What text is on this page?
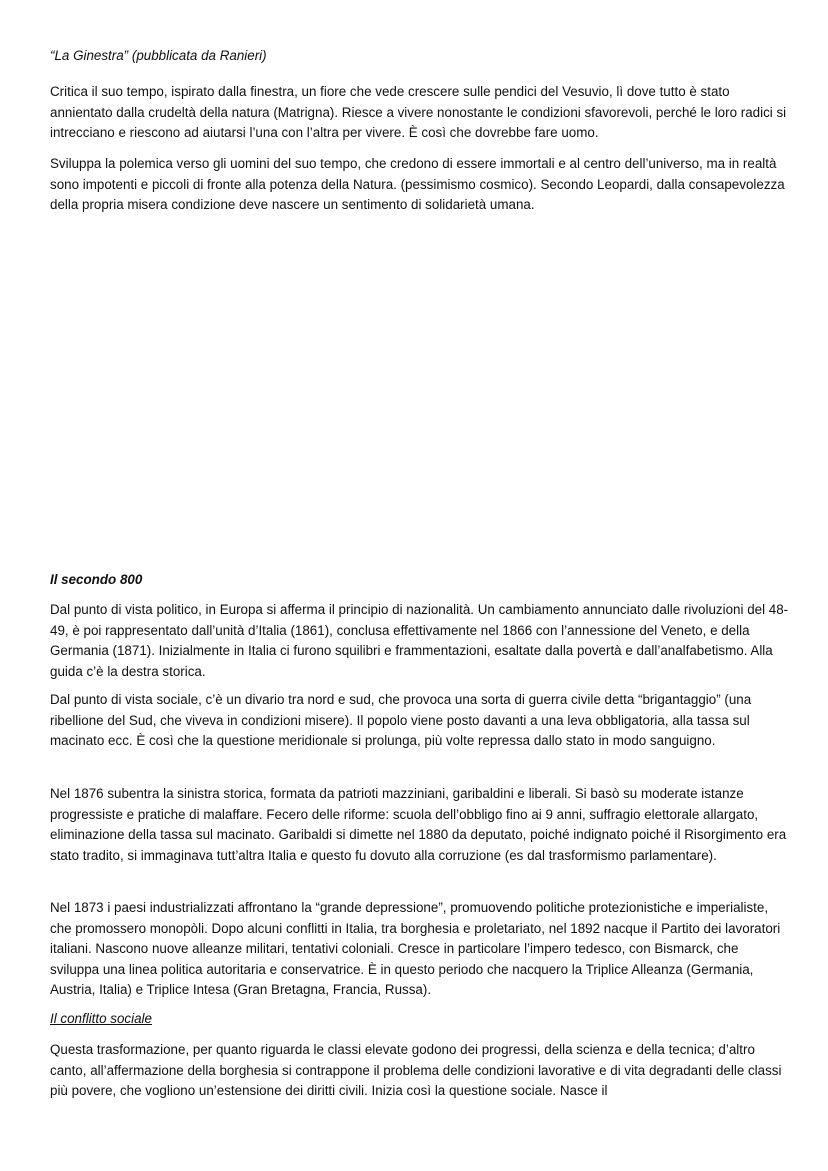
“La Ginestra” (pubblicata da Ranieri)

Critica il suo tempo, ispirato dalla finestra, un fiore che vede crescere sulle pendici del Vesuvio, lì dove tutto è stato annientato dalla crudeltà della natura (Matrigna). Riesce a vivere nonostante le condizioni sfavorevoli, perché le loro radici si intrecciano e riescono ad aiutarsi l’una con l’altra per vivere. È così che dovrebbe fare uomo.

Sviluppa la polemica verso gli uomini del suo tempo, che credono di essere immortali e al centro dell’universo, ma in realtà sono impotenti e piccoli di fronte alla potenza della Natura. (pessimismo cosmico). Secondo Leopardi, dalla consapevolezza della propria misera condizione deve nascere un sentimento di solidarietà umana.

Il secondo 800

Dal punto di vista politico, in Europa si afferma il principio di nazionalità. Un cambiamento annunciato dalle rivoluzioni del 48-49, è poi rappresentato dall’unità d’Italia (1861), conclusa effettivamente nel 1866 con l’annessione del Veneto, e della Germania (1871). Inizialmente in Italia ci furono squilibri e frammentazioni, esaltate dalla povertà e dall’analfabetismo. Alla guida c’è la destra storica.

Dal punto di vista sociale, c’è un divario tra nord e sud, che provoca una sorta di guerra civile detta “brigantaggio” (una ribellione del Sud, che viveva in condizioni misere). Il popolo viene posto davanti a una leva obbligatoria, alla tassa sul macinato ecc. È così che la questione meridionale si prolunga, più volte repressa dallo stato in modo sanguigno.

Nel 1876 subentra la sinistra storica, formata da patrioti mazziniani, garibaldini e liberali. Si basò su moderate istanze progressiste e pratiche di malaffare. Fecero delle riforme: scuola dell’obbligo fino ai 9 anni, suffragio elettorale allargato, eliminazione della tassa sul macinato. Garibaldi si dimette nel 1880 da deputato, poiché indignato poiché il Risorgimento era stato tradito, si immaginava tutt’altra Italia e questo fu dovuto alla corruzione (es dal trasformismo parlamentare).

Nel 1873 i paesi industrializzati affrontano la “grande depressione”, promuovendo politiche protezionistiche e imperialiste, che promossero monopòli. Dopo alcuni conflitti in Italia, tra borghesia e proletariato, nel 1892 nacque il Partito dei lavoratori italiani. Nascono nuove alleanze militari, tentativi coloniali. Cresce in particolare l’impero tedesco, con Bismarck, che sviluppa una linea politica autoritaria e conservatrice. È in questo periodo che nacquero la Triplice Alleanza (Germania, Austria, Italia) e Triplice Intesa (Gran Bretagna, Francia, Russa).

Il conflitto sociale

Questa trasformazione, per quanto riguarda le classi elevate godono dei progressi, della scienza e della tecnica; d’altro canto, all’affermazione della borghesia si contrappone il problema delle condizioni lavorative e di vita degradanti delle classi più povere, che vogliono un’estensione dei diritti civili. Inizia così la questione sociale. Nasce il
